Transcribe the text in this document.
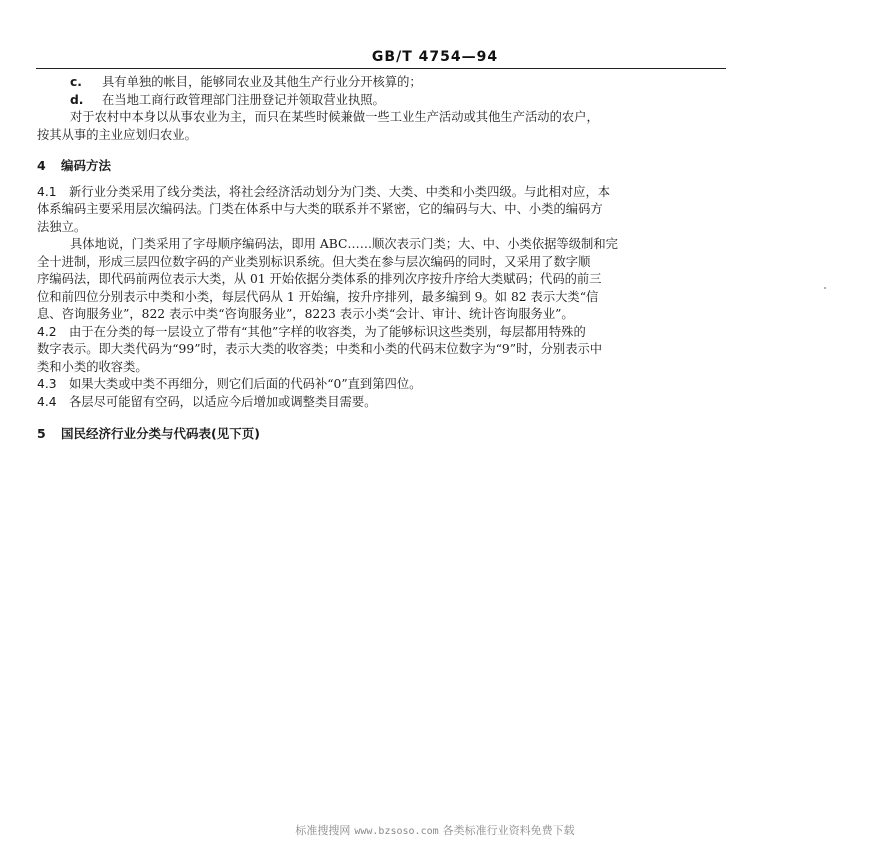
GB/T 4754—94
c. 具有单独的帐目，能够同农业及其他生产行业分开核算的；
d. 在当地工商行政管理部门注册登记并领取营业执照。
对于农村中本身以从事农业为主，而只在某些时候兼做一些工业生产活动或其他生产活动的农户，
按其从事的主业应划归农业。
4 编码方法
4.1 新行业分类采用了线分类法，将社会经济活动划分为门类、大类、中类和小类四级。与此相对应，本
体系编码主要采用层次编码法。门类在体系中与大类的联系并不紧密，它的编码与大、中、小类的编码方
法独立。
具体地说，门类采用了字母顺序编码法，即用 ABC……顺次表示门类；大、中、小类依据等级制和完
全十进制，形成三层四位数字码的产业类别标识系统。但大类在参与层次编码的同时，又采用了数字顺
序编码法，即代码前两位表示大类，从 01 开始依据分类体系的排列次序按升序给大类赋码；代码的前三
位和前四位分别表示中类和小类，每层代码从 1 开始编，按升序排列，最多编到 9。如 82 表示大类“信
息、咨询服务业”，822 表示中类“咨询服务业”，8223 表示小类“会计、审计、统计咨询服务业”。
4.2 由于在分类的每一层设立了带有“其他”字样的收容类，为了能够标识这些类别，每层都用特殊的
数字表示。即大类代码为“99”时，表示大类的收容类；中类和小类的代码末位数字为“9”时，分别表示中
类和小类的收容类。
4.3 如果大类或中类不再细分，则它们后面的代码补“0”直到第四位。
4.4 各层尽可能留有空码，以适应今后增加或调整类目需要。
5 国民经济行业分类与代码表(见下页)
标准搜搜网 www.bzsoso.com 各类标准行业资料免费下载
